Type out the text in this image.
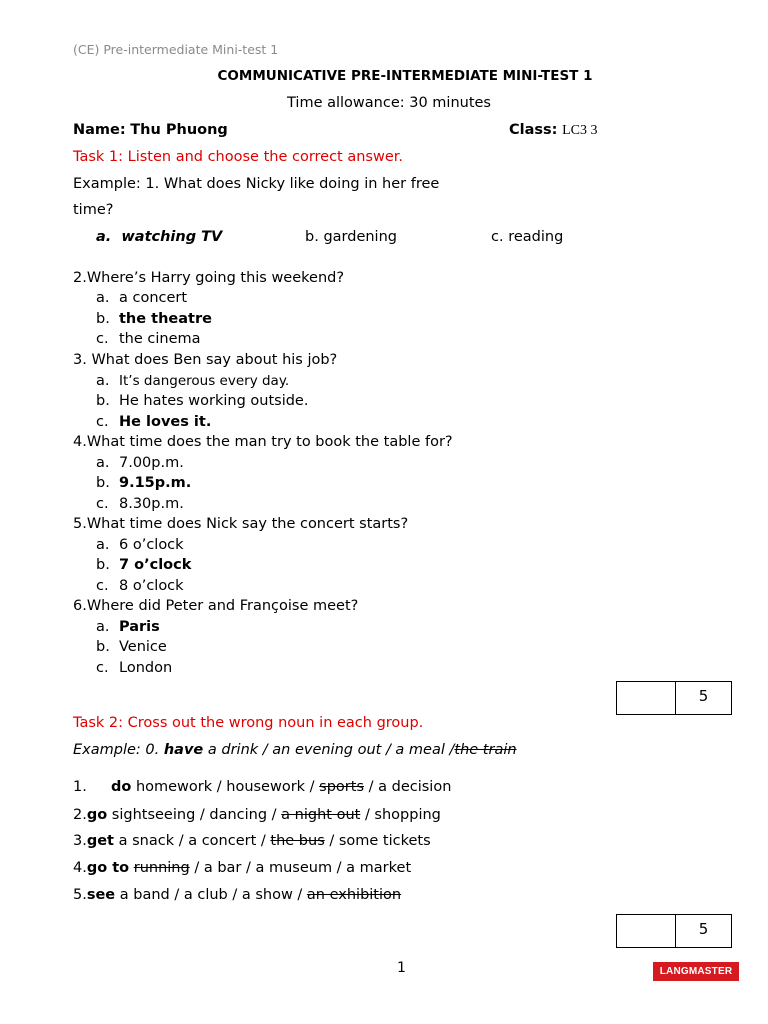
(CE) Pre-intermediate Mini-test 1
COMMUNICATIVE PRE-INTERMEDIATE MINI-TEST 1
Time allowance: 30 minutes
Name: Thu Phuong	Class: LC3 3
Task 1: Listen and choose the correct answer.
Example: 1. What does Nicky like doing in her free
time?
a. watching TV	b. gardening	c. reading
2.Where’s Harry going this weekend?
a. a concert
b. the theatre
c. the cinema
3. What does Ben say about his job?
a. It’s dangerous every day.
b. He hates working outside.
c. He loves it.
4.What time does the man try to book the table for?
a. 7.00p.m.
b. 9.15p.m.
c. 8.30p.m.
5.What time does Nick say the concert starts?
a. 6 o’clock
b. 7 o’clock
c. 8 o’clock
6.Where did Peter and Françoise meet?
a. Paris
b. Venice
c. London
5
Task 2: Cross out the wrong noun in each group.
Example: 0. have a drink / an evening out / a meal /the train
1. do homework / housework / sports / a decision
2.go sightseeing / dancing / a night out / shopping
3.get a snack / a concert / the bus / some tickets
4.go to running / a bar / a museum / a market
5.see a band / a club / a show / an exhibition
5
1	LANGMASTER
